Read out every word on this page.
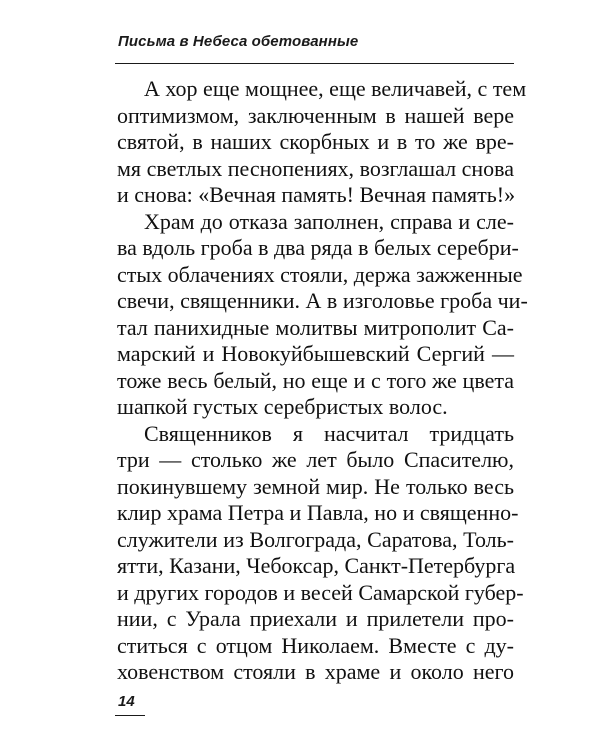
Письма в Небеса обетованные
А хор еще мощнее, еще величавей, с тем
оптимизмом, заключенным в нашей вере
святой, в наших скорбных и в то же вре-
мя светлых песнопениях, возглашал снова
и снова: «Вечная память! Вечная память!»
Храм до отказа заполнен, справа и сле-
ва вдоль гроба в два ряда в белых серебри-
стых облачениях стояли, держа зажженные
свечи, священники. А в изголовье гроба чи-
тал панихидные молитвы митрополит Са-
марский и Новокуйбышевский Сергий —
тоже весь белый, но еще и с того же цвета
шапкой густых серебристых волос.
Священников я насчитал тридцать
три — столько же лет было Спасителю,
покинувшему земной мир. Не только весь
клир храма Петра и Павла, но и священно-
служители из Волгограда, Саратова, Толь-
ятти, Казани, Чебоксар, Санкт-Петербурга
и других городов и весей Самарской губер-
нии, с Урала приехали и прилетели про-
ститься с отцом Николаем. Вместе с ду-
ховенством стояли в храме и около него
14
